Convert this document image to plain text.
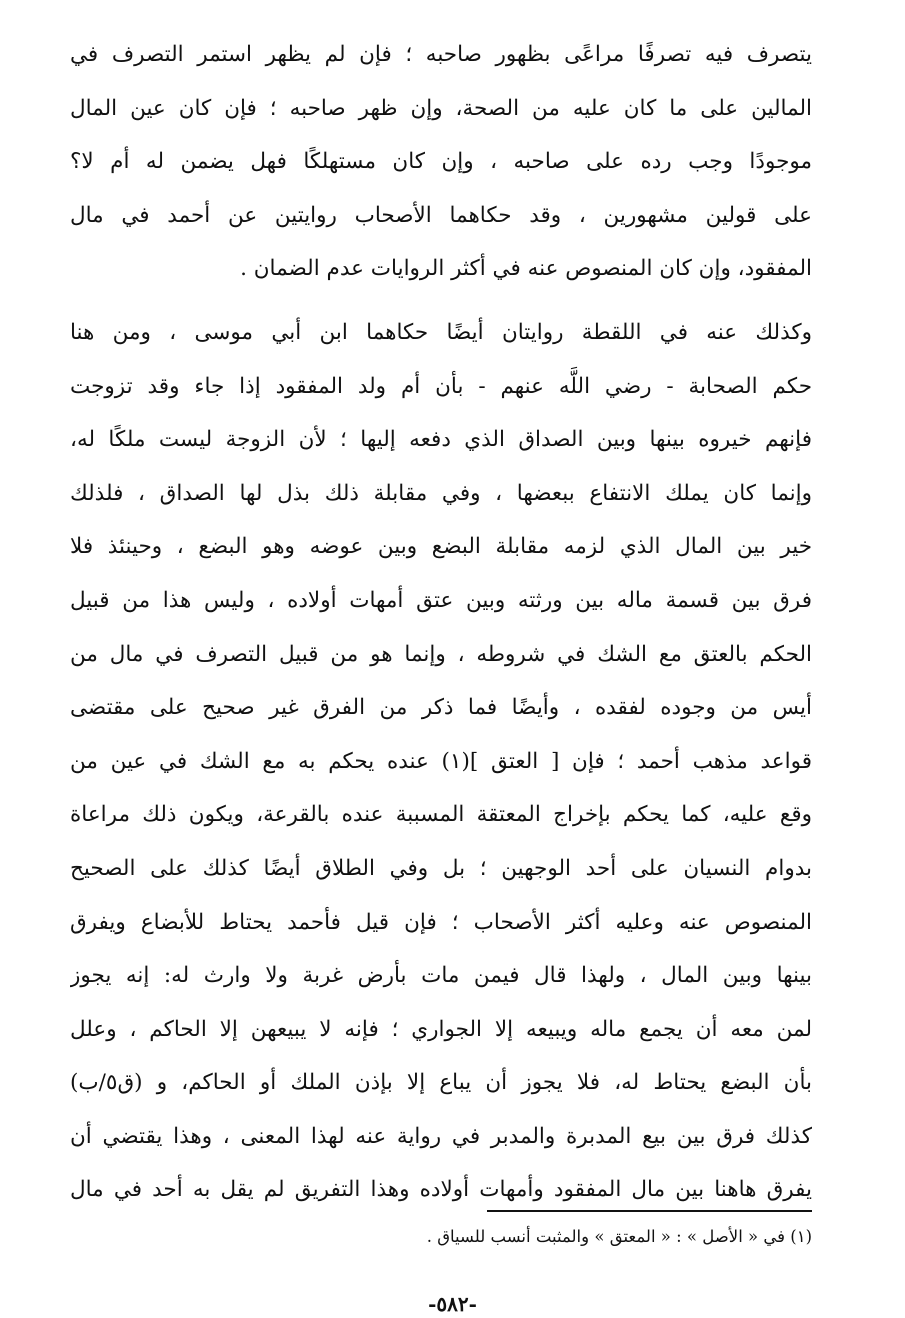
يتصرف فيه تصرفًا مراعًى بظهور صاحبه ؛ فإن لم يظهر استمر التصرف في
المالين على ما كان عليه من الصحة، وإن ظهر صاحبه ؛ فإن كان عين المال
موجودًا وجب رده على صاحبه ، وإن كان مستهلكًا فهل يضمن له أم لا؟
على قولين مشهورين ، وقد حكاهما الأصحاب روايتين عن أحمد في مال
المفقود، وإن كان المنصوص عنه في أكثر الروايات عدم الضمان .
وكذلك عنه في اللقطة روايتان أيضًا حكاهما ابن أبي موسى ، ومن هنا
حكم الصحابة - رضي اللَّه عنهم - بأن أم ولد المفقود إذا جاء وقد تزوجت
فإنهم خيروه بينها وبين الصداق الذي دفعه إليها ؛ لأن الزوجة ليست ملكًا له،
وإنما كان يملك الانتفاع ببعضها ، وفي مقابلة ذلك بذل لها الصداق ، فلذلك
خير بين المال الذي لزمه مقابلة البضع وبين عوضه وهو البضع ، وحينئذ فلا
فرق بين قسمة ماله بين ورثته وبين عتق أمهات أولاده ، وليس هذا من قبيل
الحكم بالعتق مع الشك في شروطه ، وإنما هو من قبيل التصرف في مال من
أيس من وجوده لفقده ، وأيضًا فما ذكر من الفرق غير صحيح على مقتضى
قواعد مذهب أحمد ؛ فإن [ العتق ](١) عنده يحكم به مع الشك في عين من
وقع عليه، كما يحكم بإخراج المعتقة المسببة عنده بالقرعة، ويكون ذلك مراعاة
بدوام النسيان على أحد الوجهين ؛ بل وفي الطلاق أيضًا كذلك على الصحيح
المنصوص عنه وعليه أكثر الأصحاب ؛ فإن قيل فأحمد يحتاط للأبضاع ويفرق
بينها وبين المال ، ولهذا قال فيمن مات بأرض غربة ولا وارث له: إنه يجوز
لمن معه أن يجمع ماله ويبيعه إلا الجواري ؛ فإنه لا يبيعهن إلا الحاكم ، وعلل
بأن البضع يحتاط له، فلا يجوز أن يباع إلا بإذن الملك أو الحاكم، و (ق٥/ب)
كذلك فرق بين بيع المدبرة والمدبر في رواية عنه لهذا المعنى ، وهذا يقتضي أن
يفرق هاهنا بين مال المفقود وأمهات أولاده وهذا التفريق لم يقل به أحد في مال
(١) في « الأصل » : « المعتق » والمثبت أنسب للسياق .
-٥٨٢-
